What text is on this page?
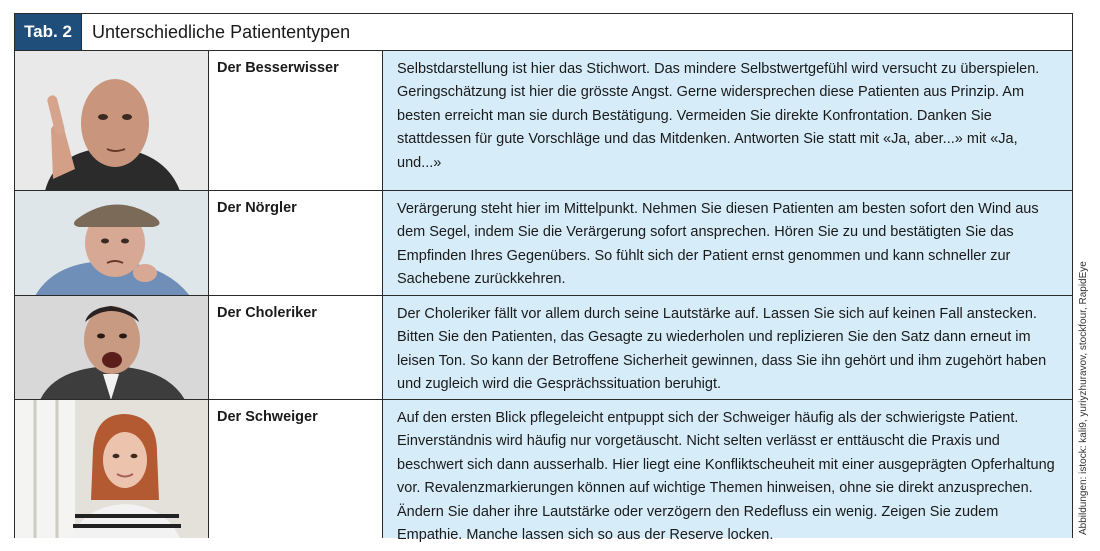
Tab. 2	Unterschiedliche Patiententypen
Der Besserwisser	Selbstdarstellung ist hier das Stichwort. Das mindere Selbstwertgefühl wird versucht zu überspielen. Geringschätzung ist hier die grösste Angst. Gerne widersprechen diese Patienten aus Prinzip. Am besten erreicht man sie durch Bestätigung. Vermeiden Sie direkte Konfrontation. Danken Sie stattdessen für gute Vorschläge und das Mitdenken. Antworten Sie statt mit «Ja, aber...» mit «Ja, und...»
Der Nörgler	Verärgerung steht hier im Mittelpunkt. Nehmen Sie diesen Patienten am besten sofort den Wind aus dem Segel, indem Sie die Verärgerung sofort ansprechen. Hören Sie zu und bestätigten Sie das Empfinden Ihres Gegenübers. So fühlt sich der Patient ernst genommen und kann schneller zur Sachebene zurückkehren.
Der Choleriker	Der Choleriker fällt vor allem durch seine Lautstärke auf. Lassen Sie sich auf keinen Fall anstecken. Bitten Sie den Patienten, das Gesagte zu wiederholen und replizieren Sie den Satz dann erneut im leisen Ton. So kann der Betroffene Sicherheit gewinnen, dass Sie ihn gehört und ihm zugehört haben und zugleich wird die Gesprächssituation beruhigt.
Der Schweiger	Auf den ersten Blick pflegeleicht entpuppt sich der Schweiger häufig als der schwierigste Patient. Einverständnis wird häufig nur vorgetäuscht. Nicht selten verlässt er enttäuscht die Praxis und beschwert sich dann ausserhalb. Hier liegt eine Konfliktscheuheit mit einer ausgeprägten Opferhaltung vor. Revalenzmarkierungen können auf wichtige Themen hinweisen, ohne sie direkt anzusprechen. Ändern Sie daher ihre Lautstärke oder verzögern den Redefluss ein wenig. Zeigen Sie zudem Empathie. Manche lassen sich so aus der Reserve locken.
Abbildungen: istock: kali9, yuriyzhuravov, stockfour, RapidEye
